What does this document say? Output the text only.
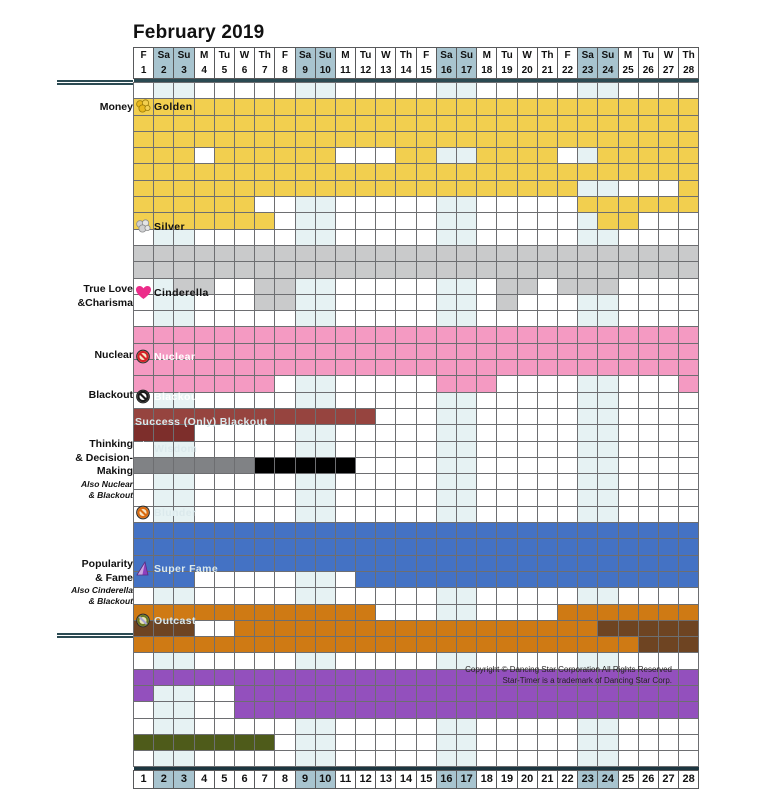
February 2019
F	Sa	Su	M	Tu	W	Th	F	Sa	Su	M	Tu	W	Th	F	Sa	Su	M	Tu	W	Th	F	Sa	Su	M	Tu	W	Th
1	2	3	4	5	6	7	8	9	10	11	12	13	14	15	16	17	18	19	20	21	22	23	24	25	26	27	28

1	2	3	4	5	6	7	8	9	10	11	12	13	14	15	16	17	18	19	20	21	22	23	24	25	26	27	28
Money
True Love
&Charisma
Nuclear
Blackout
Thinking
& Decision-
Making
Also Nuclear
& Blackout
Popularity
& Fame
Also Cinderella
& Blackout
Golden
Silver
Cinderella
Nuclear
Blackout
Success (Only) Blackout
Wisdom
Blunder
Super Fame
Outcast
Copyright © Dancing Star Corporation All Rights Reserved
Star-Timer is a trademark of Dancing Star Corp.
